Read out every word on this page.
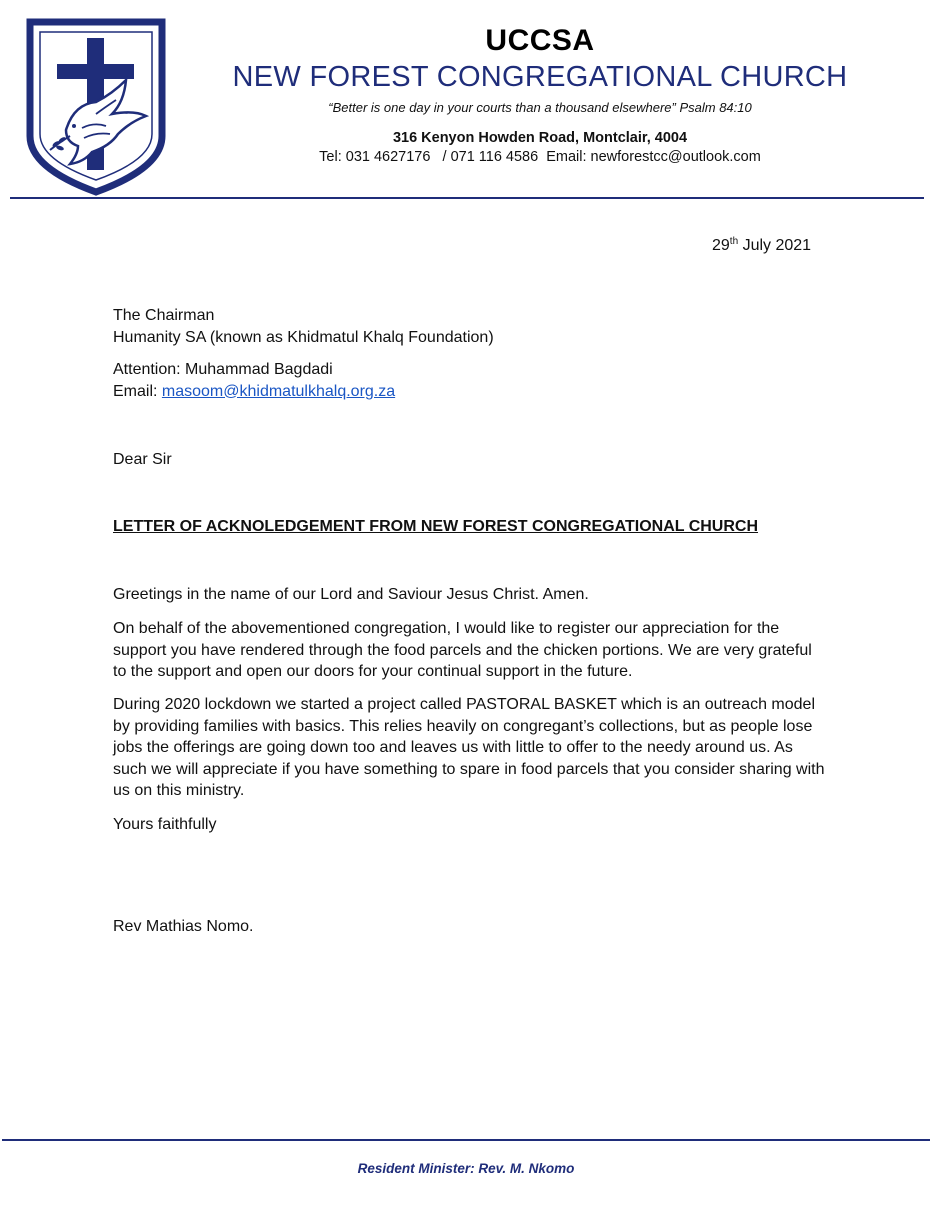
UCCSA
NEW FOREST CONGREGATIONAL CHURCH
“Better is one day in your courts than a thousand elsewhere” Psalm 84:10
316 Kenyon Howden Road, Montclair, 4004
Tel: 031 4627176   / 071 116 4586  Email: newforestcc@outlook.com
29th July 2021
The Chairman
Humanity SA (known as Khidmatul Khalq Foundation)
Attention: Muhammad Bagdadi
Email: masoom@khidmatulkhalq.org.za
Dear Sir
LETTER OF ACKNOLEDGEMENT FROM NEW FOREST CONGREGATIONAL CHURCH
Greetings in the name of our Lord and Saviour Jesus Christ. Amen.

On behalf of the abovementioned congregation, I would like to register our appreciation for the support you have rendered through the food parcels and the chicken portions. We are very grateful to the support and open our doors for your continual support in the future.

During 2020 lockdown we started a project called PASTORAL BASKET which is an outreach model by providing families with basics. This relies heavily on congregant’s collections, but as people lose jobs the offerings are going down too and leaves us with little to offer to the needy around us. As such we will appreciate if you have something to spare in food parcels that you consider sharing with us on this ministry.

Yours faithfully
Rev Mathias Nomo.
Resident Minister: Rev. M. Nkomo
